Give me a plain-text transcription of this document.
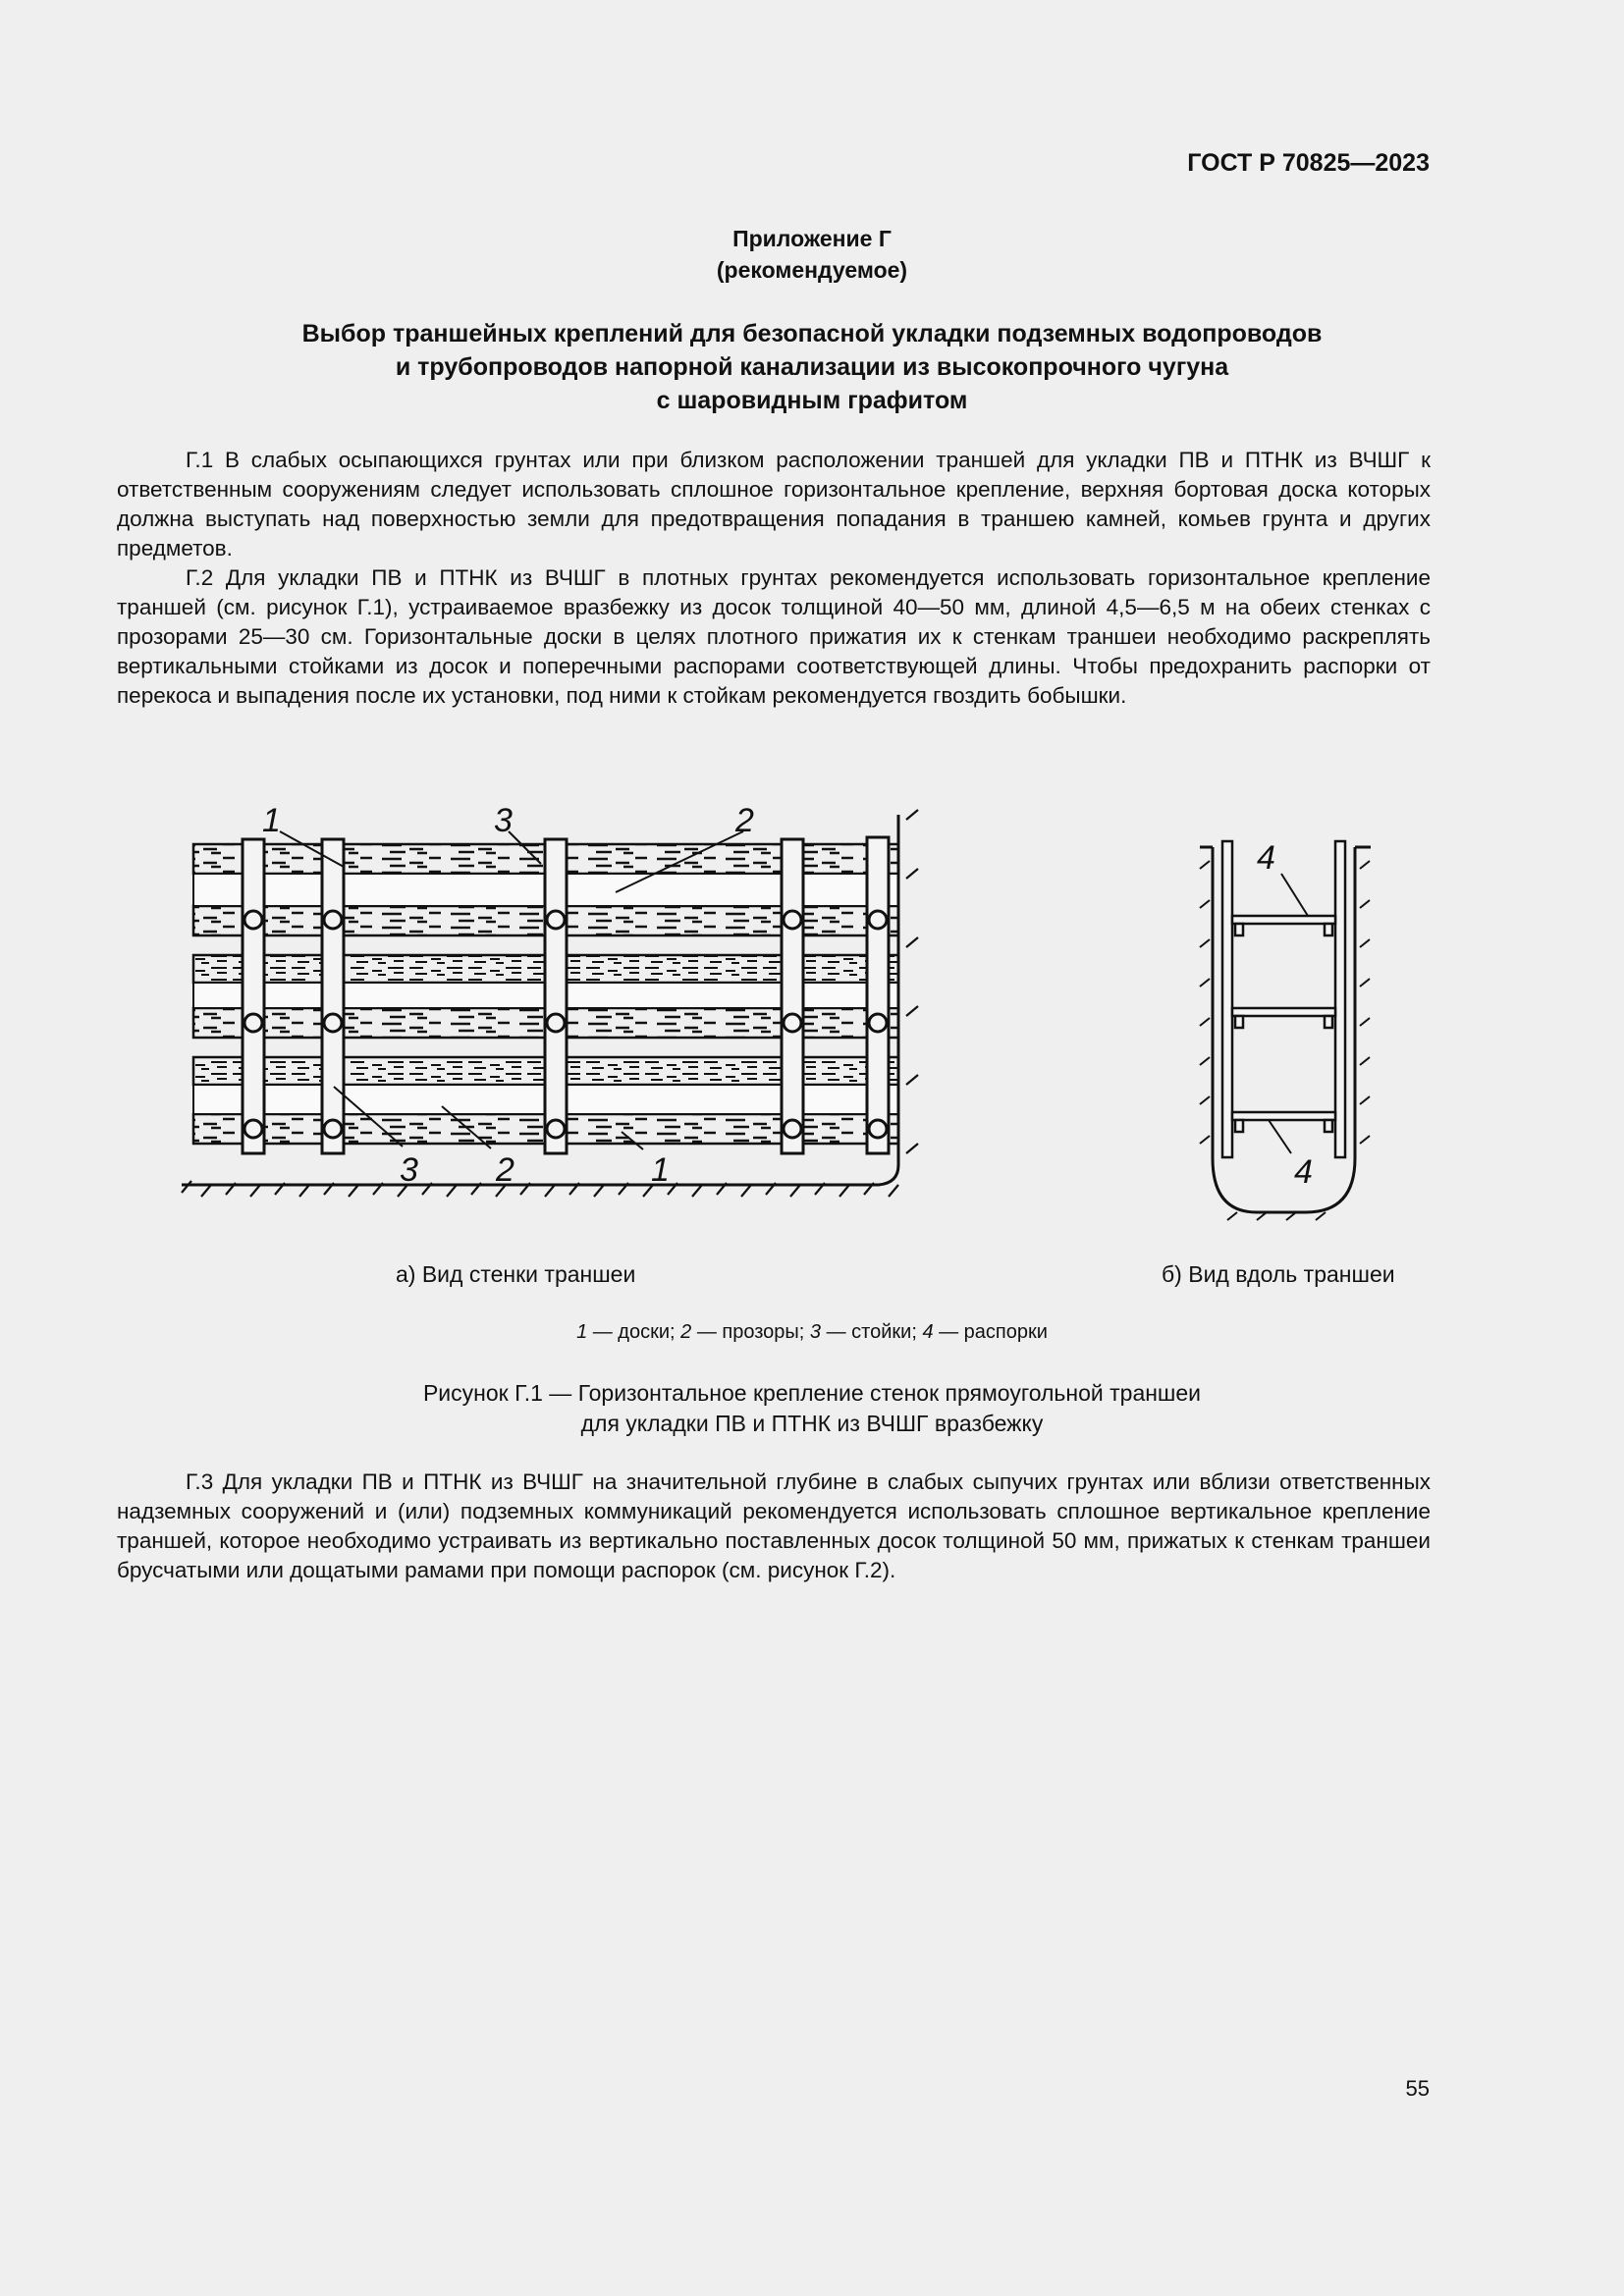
ГОСТ Р 70825—2023
Приложение Г
(рекомендуемое)
Выбор траншейных креплений для безопасной укладки подземных водопроводов
и трубопроводов напорной канализации из высокопрочного чугуна
с шаровидным графитом
Г.1 В слабых осыпающихся грунтах или при близком расположении траншей для укладки ПВ и ПТНК из ВЧШГ к ответственным сооружениям следует использовать сплошное горизонтальное крепление, верхняя бортовая доска которых должна выступать над поверхностью земли для предотвращения попадания в траншею камней, комьев грунта и других предметов.
Г.2 Для укладки ПВ и ПТНК из ВЧШГ в плотных грунтах рекомендуется использовать горизонтальное крепление траншей (см. рисунок Г.1), устраиваемое вразбежку из досок толщиной 40—50 мм, длиной 4,5—6,5 м на обеих стенках с прозорами 25—30 см. Горизонтальные доски в целях плотного прижатия их к стенкам траншеи необходимо раскреплять вертикальными стойками из досок и поперечными распорами соответствующей длины. Чтобы предохранить распорки от перекоса и выпадения после их установки, под ними к стойкам рекомендуется гвоздить бобышки.
1	3	2
3 2	1
4
4
а) Вид стенки траншеи	б) Вид вдоль траншеи
1 — доски; 2 — прозоры; 3 — стойки; 4 — распорки
Рисунок Г.1 — Горизонтальное крепление стенок прямоугольной траншеи
для укладки ПВ и ПТНК из ВЧШГ вразбежку
Г.3 Для укладки ПВ и ПТНК из ВЧШГ на значительной глубине в слабых сыпучих грунтах или вблизи ответственных надземных сооружений и (или) подземных коммуникаций рекомендуется использовать сплошное вертикальное крепление траншей, которое необходимо устраивать из вертикально поставленных досок толщиной 50 мм, прижатых к стенкам траншеи брусчатыми или дощатыми рамами при помощи распорок (см. рисунок Г.2).
55
